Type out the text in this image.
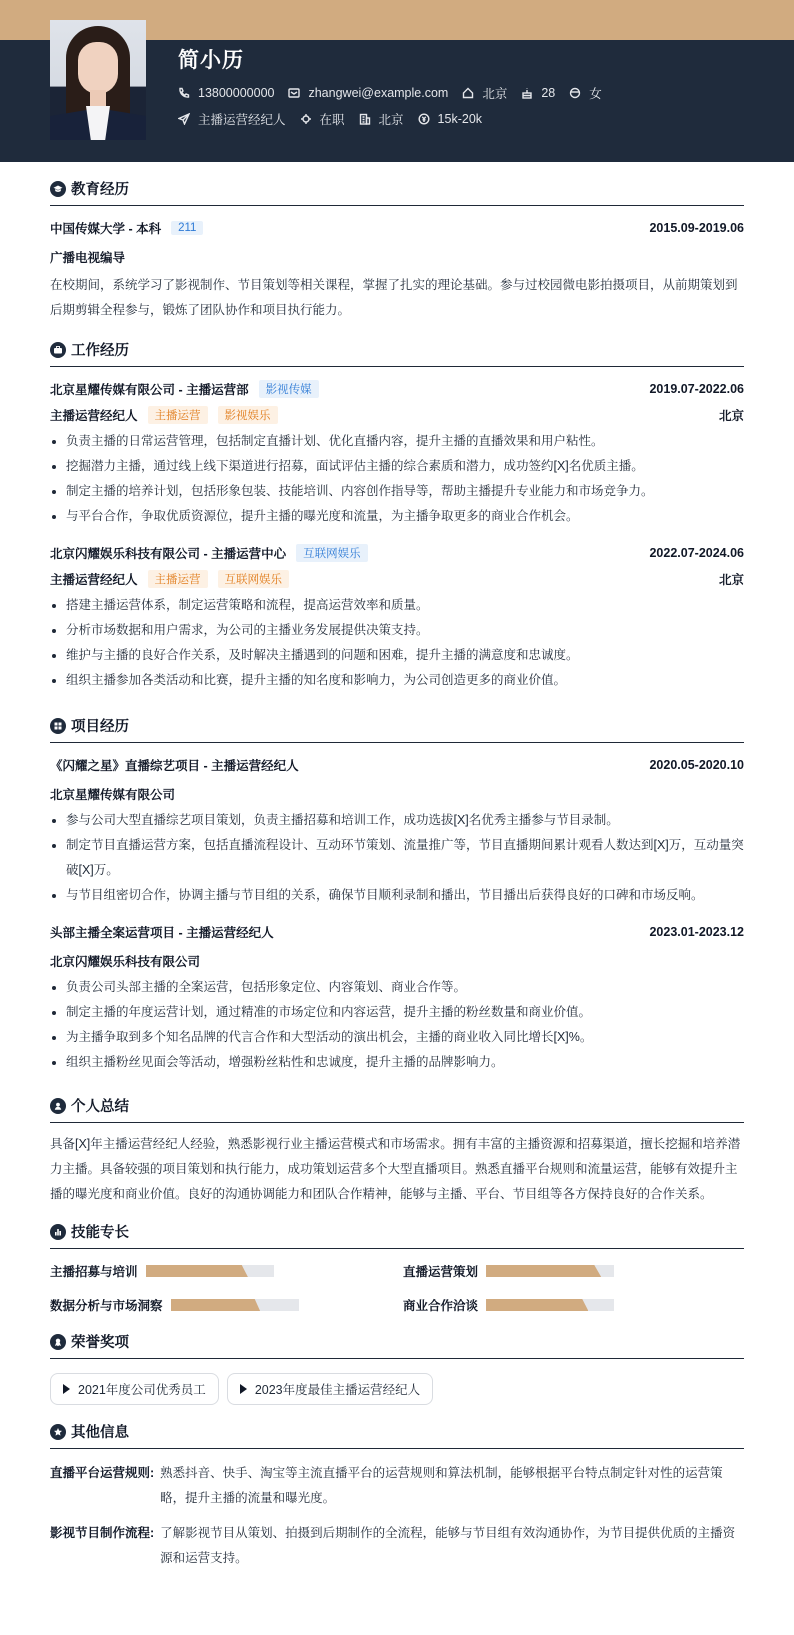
简小历
13800000000	zhangwei@example.com	北京	28	女
主播运营经纪人	在职	北京	15k-20k
教育经历
中国传媒大学 - 本科	211	2015.09-2019.06
广播电视编导
在校期间，系统学习了影视制作、节目策划等相关课程，掌握了扎实的理论基础。参与过校园微电影拍摄项目，从前期策划到后期剪辑全程参与，锻炼了团队协作和项目执行能力。
工作经历
北京星耀传媒有限公司 - 主播运营部	影视传媒	2019.07-2022.06
主播运营经纪人	主播运营	影视娱乐	北京
负责主播的日常运营管理，包括制定直播计划、优化直播内容，提升主播的直播效果和用户粘性。
挖掘潜力主播，通过线上线下渠道进行招募，面试评估主播的综合素质和潜力，成功签约[X]名优质主播。
制定主播的培养计划，包括形象包装、技能培训、内容创作指导等，帮助主播提升专业能力和市场竞争力。
与平台合作，争取优质资源位，提升主播的曝光度和流量，为主播争取更多的商业合作机会。
北京闪耀娱乐科技有限公司 - 主播运营中心	互联网娱乐	2022.07-2024.06
主播运营经纪人	主播运营	互联网娱乐	北京
搭建主播运营体系，制定运营策略和流程，提高运营效率和质量。
分析市场数据和用户需求，为公司的主播业务发展提供决策支持。
维护与主播的良好合作关系，及时解决主播遇到的问题和困难，提升主播的满意度和忠诚度。
组织主播参加各类活动和比赛，提升主播的知名度和影响力，为公司创造更多的商业价值。
项目经历
《闪耀之星》直播综艺项目 - 主播运营经纪人	2020.05-2020.10
北京星耀传媒有限公司
参与公司大型直播综艺项目策划，负责主播招募和培训工作，成功选拔[X]名优秀主播参与节目录制。
制定节目直播运营方案，包括直播流程设计、互动环节策划、流量推广等，节目直播期间累计观看人数达到[X]万，互动量突破[X]万。
与节目组密切合作，协调主播与节目组的关系，确保节目顺利录制和播出，节目播出后获得良好的口碑和市场反响。
头部主播全案运营项目 - 主播运营经纪人	2023.01-2023.12
北京闪耀娱乐科技有限公司
负责公司头部主播的全案运营，包括形象定位、内容策划、商业合作等。
制定主播的年度运营计划，通过精准的市场定位和内容运营，提升主播的粉丝数量和商业价值。
为主播争取到多个知名品牌的代言合作和大型活动的演出机会，主播的商业收入同比增长[X]%。
组织主播粉丝见面会等活动，增强粉丝粘性和忠诚度，提升主播的品牌影响力。
个人总结
具备[X]年主播运营经纪人经验，熟悉影视行业主播运营模式和市场需求。拥有丰富的主播资源和招募渠道，擅长挖掘和培养潜力主播。具备较强的项目策划和执行能力，成功策划运营多个大型直播项目。熟悉直播平台规则和流量运营，能够有效提升主播的曝光度和商业价值。良好的沟通协调能力和团队合作精神，能够与主播、平台、节目组等各方保持良好的合作关系。
技能专长
主播招募与培训	直播运营策划
数据分析与市场洞察	商业合作洽谈
荣誉奖项
2021年度公司优秀员工	2023年度最佳主播运营经纪人
其他信息
直播平台运营规则: 熟悉抖音、快手、淘宝等主流直播平台的运营规则和算法机制，能够根据平台特点制定针对性的运营策略，提升主播的流量和曝光度。
影视节目制作流程: 了解影视节目从策划、拍摄到后期制作的全流程，能够与节目组有效沟通协作，为节目提供优质的主播资源和运营支持。
